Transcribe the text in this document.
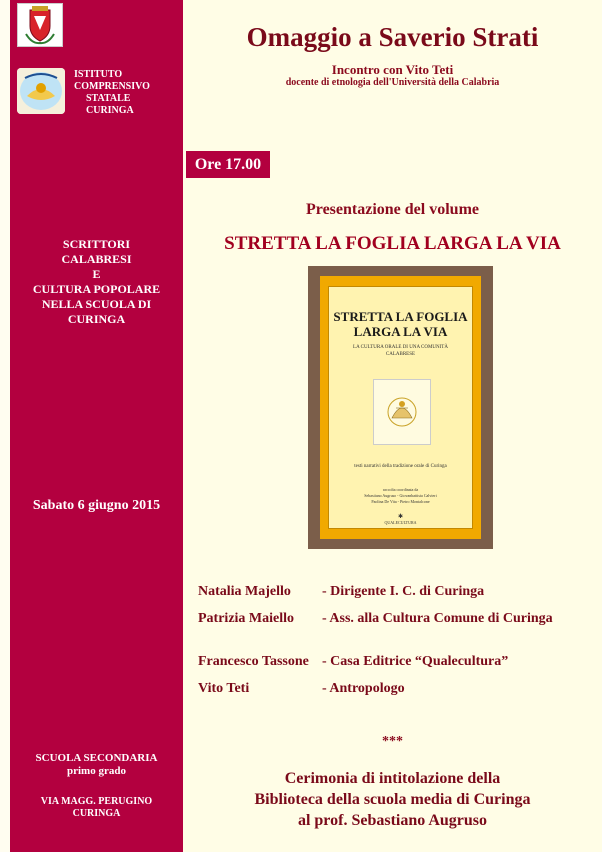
ISTITUTO
COMPRENSIVO
STATALE
CURINGA
SCRITTORI
CALABRESI
E
CULTURA POPOLARE
NELLA SCUOLA DI
CURINGA
Sabato 6 giugno 2015
SCUOLA SECONDARIA
primo grado
VIA MAGG. PERUGINO
CURINGA
Omaggio a Saverio Strati
Incontro con Vito Teti
docente di etnologia dell'Università della Calabria
Ore 17.00
Presentazione del volume
STRETTA LA FOGLIA LARGA LA VIA
STRETTA LA FOGLIA
LARGA LA VIA
LA CULTURA ORALE DI UNA COMUNITÀ
CALABRESE
testi narrativi della tradizione orale di Curinga
raccolta coordinata da
Sebastiano Augruso - Giovanbattista Calvieri
Paolina De Vita - Pietro Montalcone
✱
QUALECULTURA
Natalia Majello - Dirigente I. C. di Curinga
Patrizia Maiello - Ass. alla Cultura Comune di Curinga
Francesco Tassone - Casa Editrice “Qualecultura”
Vito Teti	- Antropologo
***
Cerimonia di intitolazione della
Biblioteca della scuola media di Curinga
al prof. Sebastiano Augruso
